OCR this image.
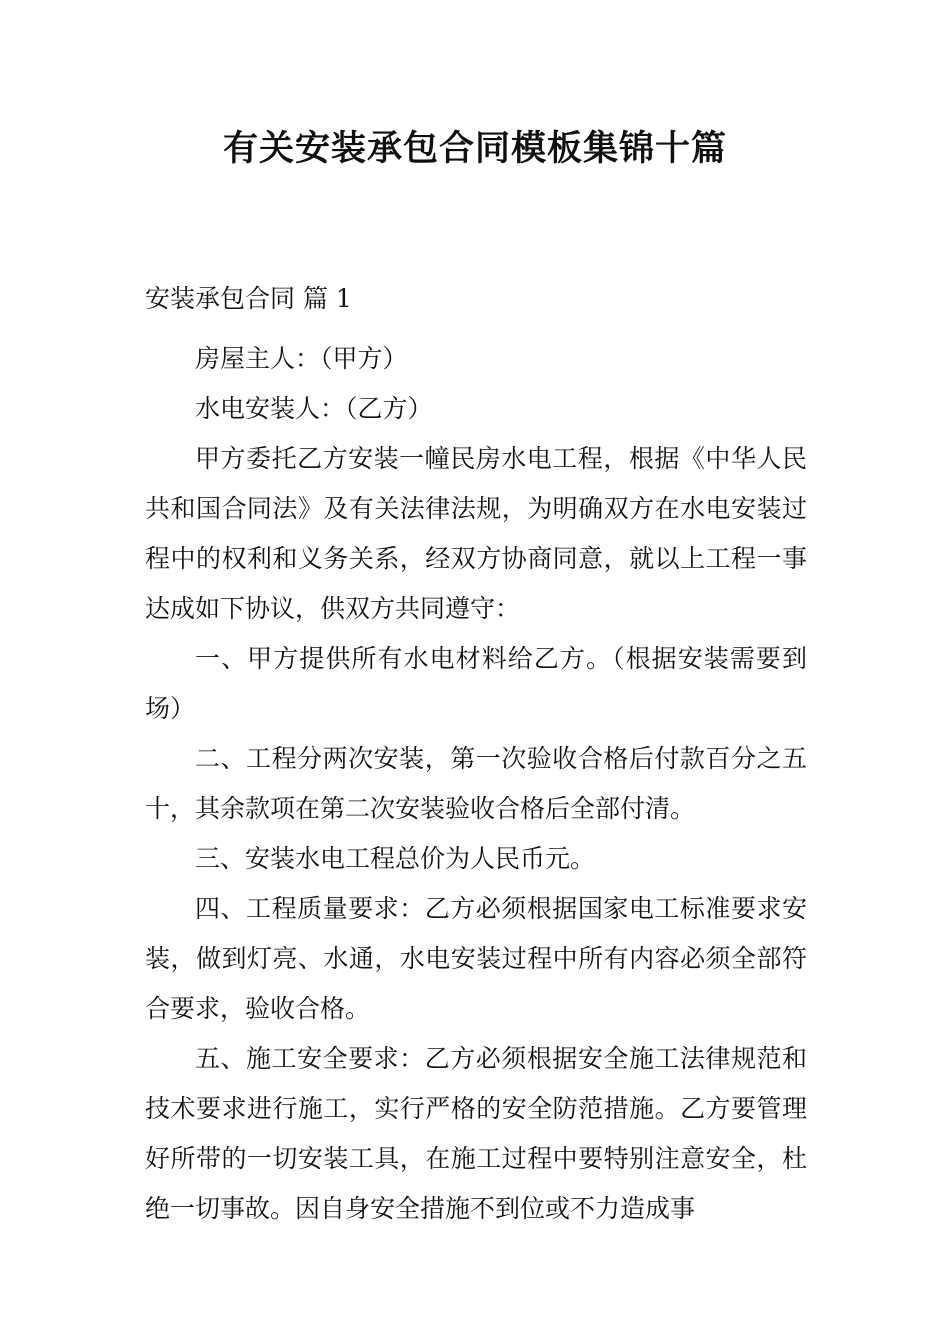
有关安装承包合同模板集锦十篇
安装承包合同 篇 1

房屋主人：（甲方）

水电安装人：（乙方）

甲方委托乙方安装一幢民房水电工程，根据《中华人民共和国合同法》及有关法律法规，为明确双方在水电安装过程中的权利和义务关系，经双方协商同意，就以上工程一事达成如下协议，供双方共同遵守：

一、甲方提供所有水电材料给乙方。（根据安装需要到场）

二、工程分两次安装，第一次验收合格后付款百分之五十，其余款项在第二次安装验收合格后全部付清。

三、安装水电工程总价为人民币元。

四、工程质量要求：乙方必须根据国家电工标准要求安装，做到灯亮、水通，水电安装过程中所有内容必须全部符合要求，验收合格。

五、施工安全要求：乙方必须根据安全施工法律规范和技术要求进行施工，实行严格的安全防范措施。乙方要管理好所带的一切安装工具，在施工过程中要特别注意安全，杜绝一切事故。因自身安全措施不到位或不力造成事
